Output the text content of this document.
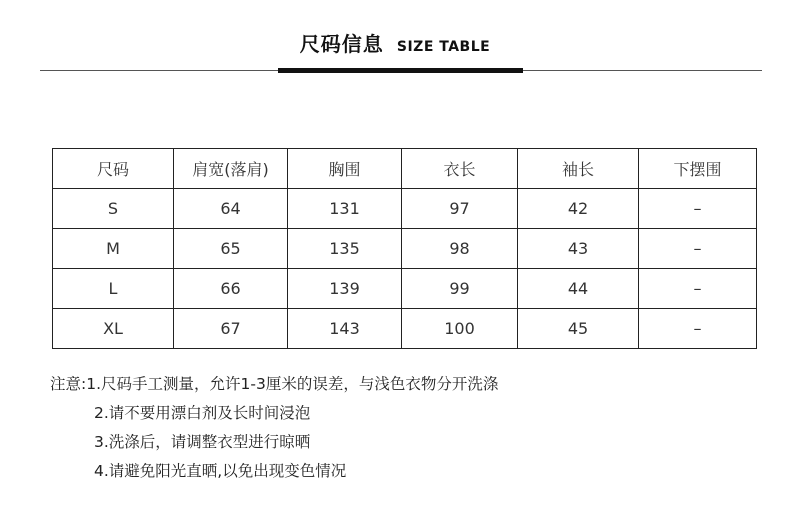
尺码信息 SIZE TABLE
尺码	肩宽(落肩)	胸围	衣长	袖长	下摆围
S	64	131	97	42	–
M	65	135	98	43	–
L	66	139	99	44	–
XL	67	143	100	45	–
注意:1.尺码手工测量，允许1-3厘米的误差，与浅色衣物分开洗涤
2.请不要用漂白剂及长时间浸泡
3.洗涤后，请调整衣型进行晾晒
4.请避免阳光直晒,以免出现变色情况
